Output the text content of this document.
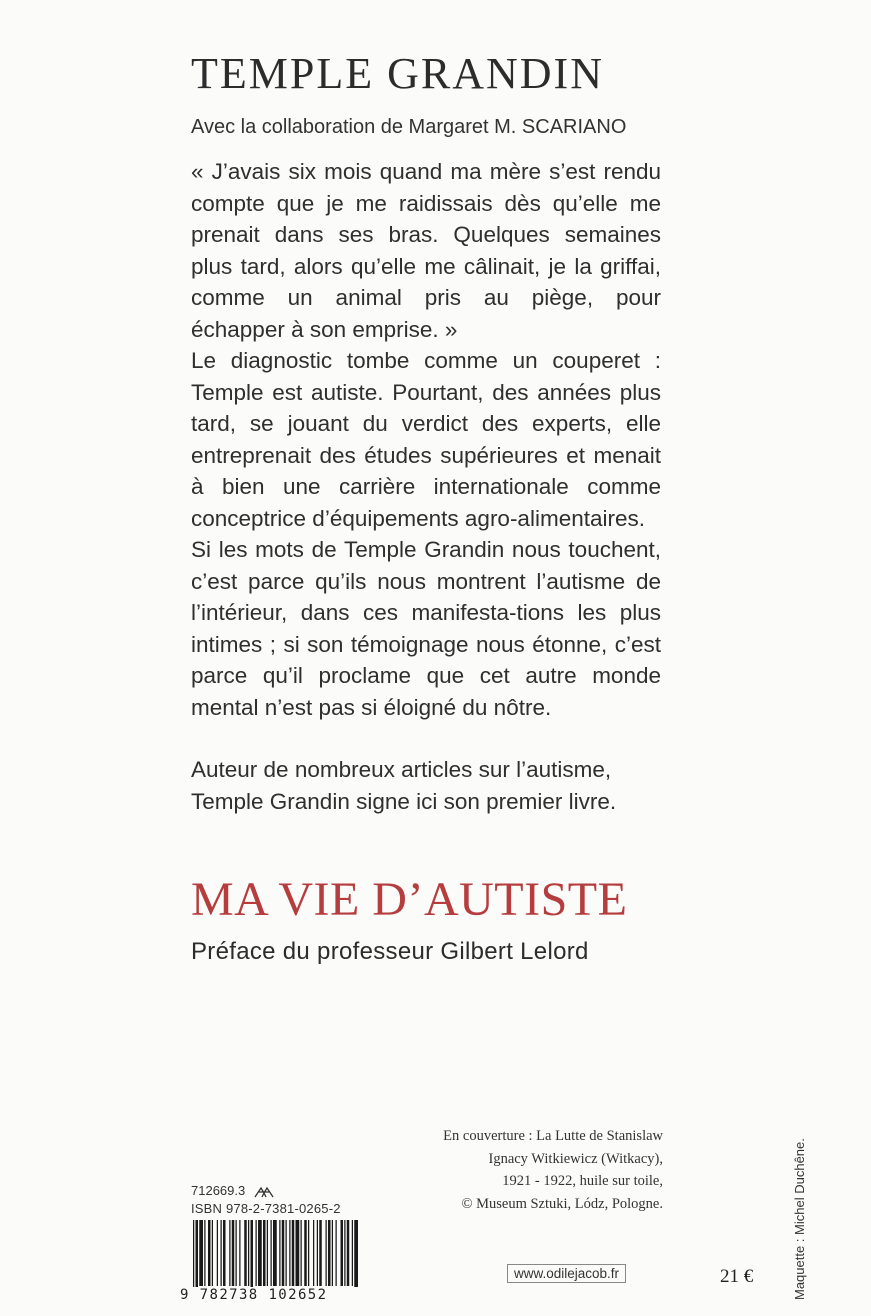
TEMPLE GRANDIN
Avec la collaboration de Margaret M. SCARIANO

« J’avais six mois quand ma mère s’est rendu compte que je me raidissais dès qu’elle me prenait dans ses bras. Quelques semaines plus tard, alors qu’elle me câlinait, je la griffai, comme un animal pris au piège, pour échapper à son emprise. »

Le diagnostic tombe comme un couperet : Temple est autiste. Pourtant, des années plus tard, se jouant du verdict des experts, elle entreprenait des études supérieures et menait à bien une carrière internationale comme conceptrice d’équipements agro-alimentaires.

Si les mots de Temple Grandin nous touchent, c’est parce qu’ils nous montrent l’autisme de l’intérieur, dans ces manifesta-tions les plus intimes ; si son témoignage nous étonne, c’est parce qu’il proclame que cet autre monde mental n’est pas si éloigné du nôtre.

Auteur de nombreux articles sur l’autisme, Temple Grandin signe ici son premier livre.

MA VIE D’AUTISTE
Préface du professeur Gilbert Lelord
En couverture : La Lutte de Stanislaw
Ignacy Witkiewicz (Witkacy),
1921 - 1922, huile sur toile,
© Museum Sztuki, Lódz, Pologne.
712669.3
ISBN 978-2-7381-0265-2
9 782738 102652
www.odilejacob.fr	21 €	Maquette : Michel Duchêne.
